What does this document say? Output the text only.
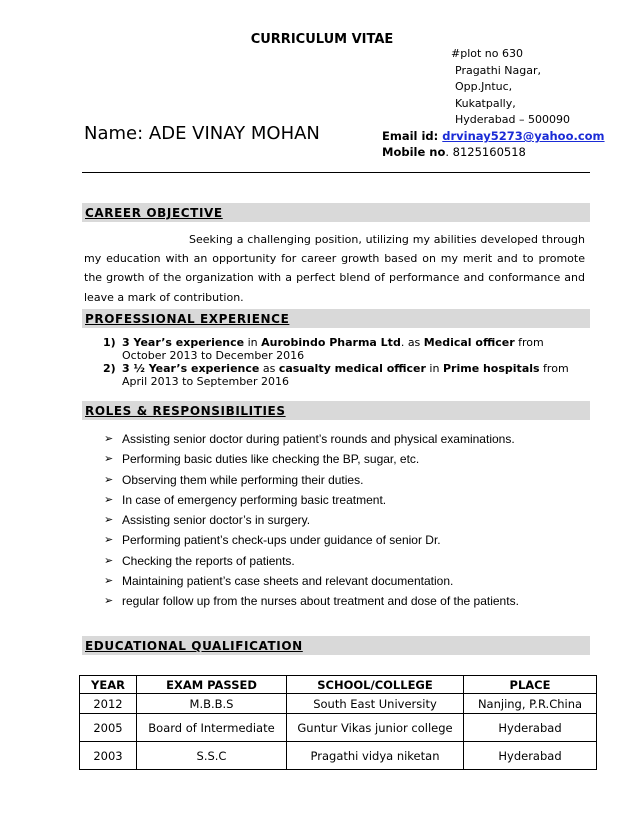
CURRICULUM VITAE
#plot no 630
Pragathi Nagar,
Opp.Jntuc,
Kukatpally,
Hyderabad – 500090
Name: ADE VINAY MOHAN	Email id: drvinay5273@yahoo.com
Mobile no. 8125160518
CAREER OBJECTIVE
Seeking a challenging position, utilizing my abilities developed through my education with an opportunity for career growth based on my merit and to promote the growth of the organization with a perfect blend of performance and conformance and leave a mark of contribution.
PROFESSIONAL EXPERIENCE
1) 3 Year’s experience in Aurobindo Pharma Ltd. as Medical officer from October 2013 to December 2016
2) 3 ½ Year’s experience as casualty medical officer in Prime hospitals from April 2013 to September 2016
ROLES & RESPONSIBILITIES
➢ Assisting senior doctor during patient’s rounds and physical examinations.
➢ Performing basic duties like checking the BP, sugar, etc.
➢ Observing them while performing their duties.
➢ In case of emergency performing basic treatment.
➢ Assisting senior doctor’s in surgery.
➢ Performing patient’s check-ups under guidance of senior Dr.
➢ Checking the reports of patients.
➢ Maintaining patient’s case sheets and relevant documentation.
➢ regular follow up from the nurses about treatment and dose of the patients.
EDUCATIONAL QUALIFICATION
YEAR	EXAM PASSED	SCHOOL/COLLEGE	PLACE
2012	M.B.B.S	South East University	Nanjing, P.R.China
2005	Board of Intermediate	Guntur Vikas junior college	Hyderabad
2003	S.S.C	Pragathi vidya niketan	Hyderabad
